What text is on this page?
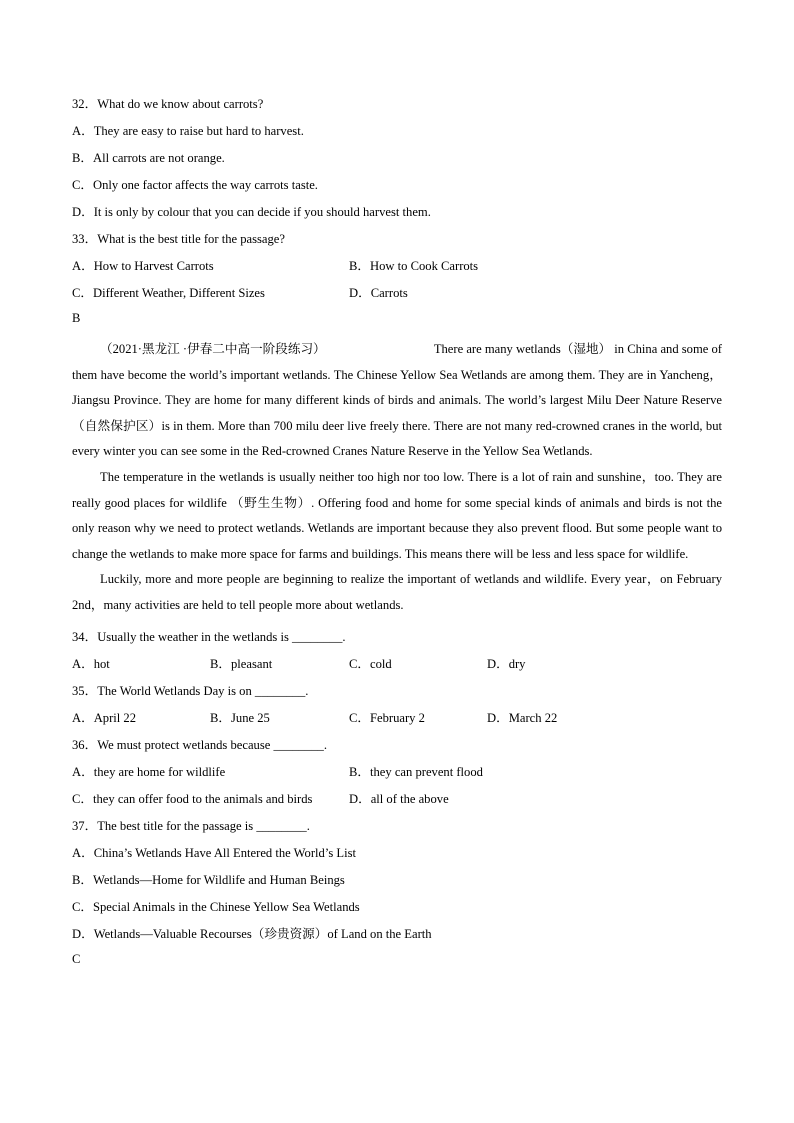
32．What do we know about carrots?
A．They are easy to raise but hard to harvest.
B．All carrots are not orange.
C．Only one factor affects the way carrots taste.
D．It is only by colour that you can decide if you should harvest them.
33．What is the best title for the passage?
A．How to Harvest Carrots	B．How to Cook Carrots
C．Different Weather, Different Sizes	D．Carrots
B
（2021·黑龙江 ·伊春二中高一阶段练习）	There are many wetlands（湿地） in China and some of
them have become the world’s important wetlands. The Chinese Yellow Sea Wetlands are among them. They are in Yancheng，Jiangsu Province. They are home for many different kinds of birds and animals. The world’s largest Milu Deer Nature Reserve（自然保护区）is in them. More than 700 milu deer live freely there. There are not many red-crowned cranes in the world, but every winter you can see some in the Red-crowned Cranes Nature Reserve in the Yellow Sea Wetlands.

The temperature in the wetlands is usually neither too high nor too low. There is a lot of rain and sunshine，too. They are really good places for wildlife （野生生物）. Offering food and home for some special kinds of animals and birds is not the only reason why we need to protect wetlands. Wetlands are important because they also prevent flood. But some people want to change the wetlands to make more space for farms and buildings. This means there will be less and less space for wildlife.

Luckily, more and more people are beginning to realize the important of wetlands and wildlife. Every year，on February 2nd，many activities are held to tell people more about wetlands.

34．Usually the weather in the wetlands is ________.
A．hot	B．pleasant	C．cold	D．dry
35．The World Wetlands Day is on ________.
A．April 22	B．June 25	C．February 2	D．March 22
36．We must protect wetlands because ________.
A．they are home for wildlife	B．they can prevent flood
C．they can offer food to the animals and birds	D．all of the above
37．The best title for the passage is ________.
A．China’s Wetlands Have All Entered the World’s List
B．Wetlands—Home for Wildlife and Human Beings
C．Special Animals in the Chinese Yellow Sea Wetlands
D．Wetlands—Valuable Recourses（珍贵资源）of Land on the Earth
C
